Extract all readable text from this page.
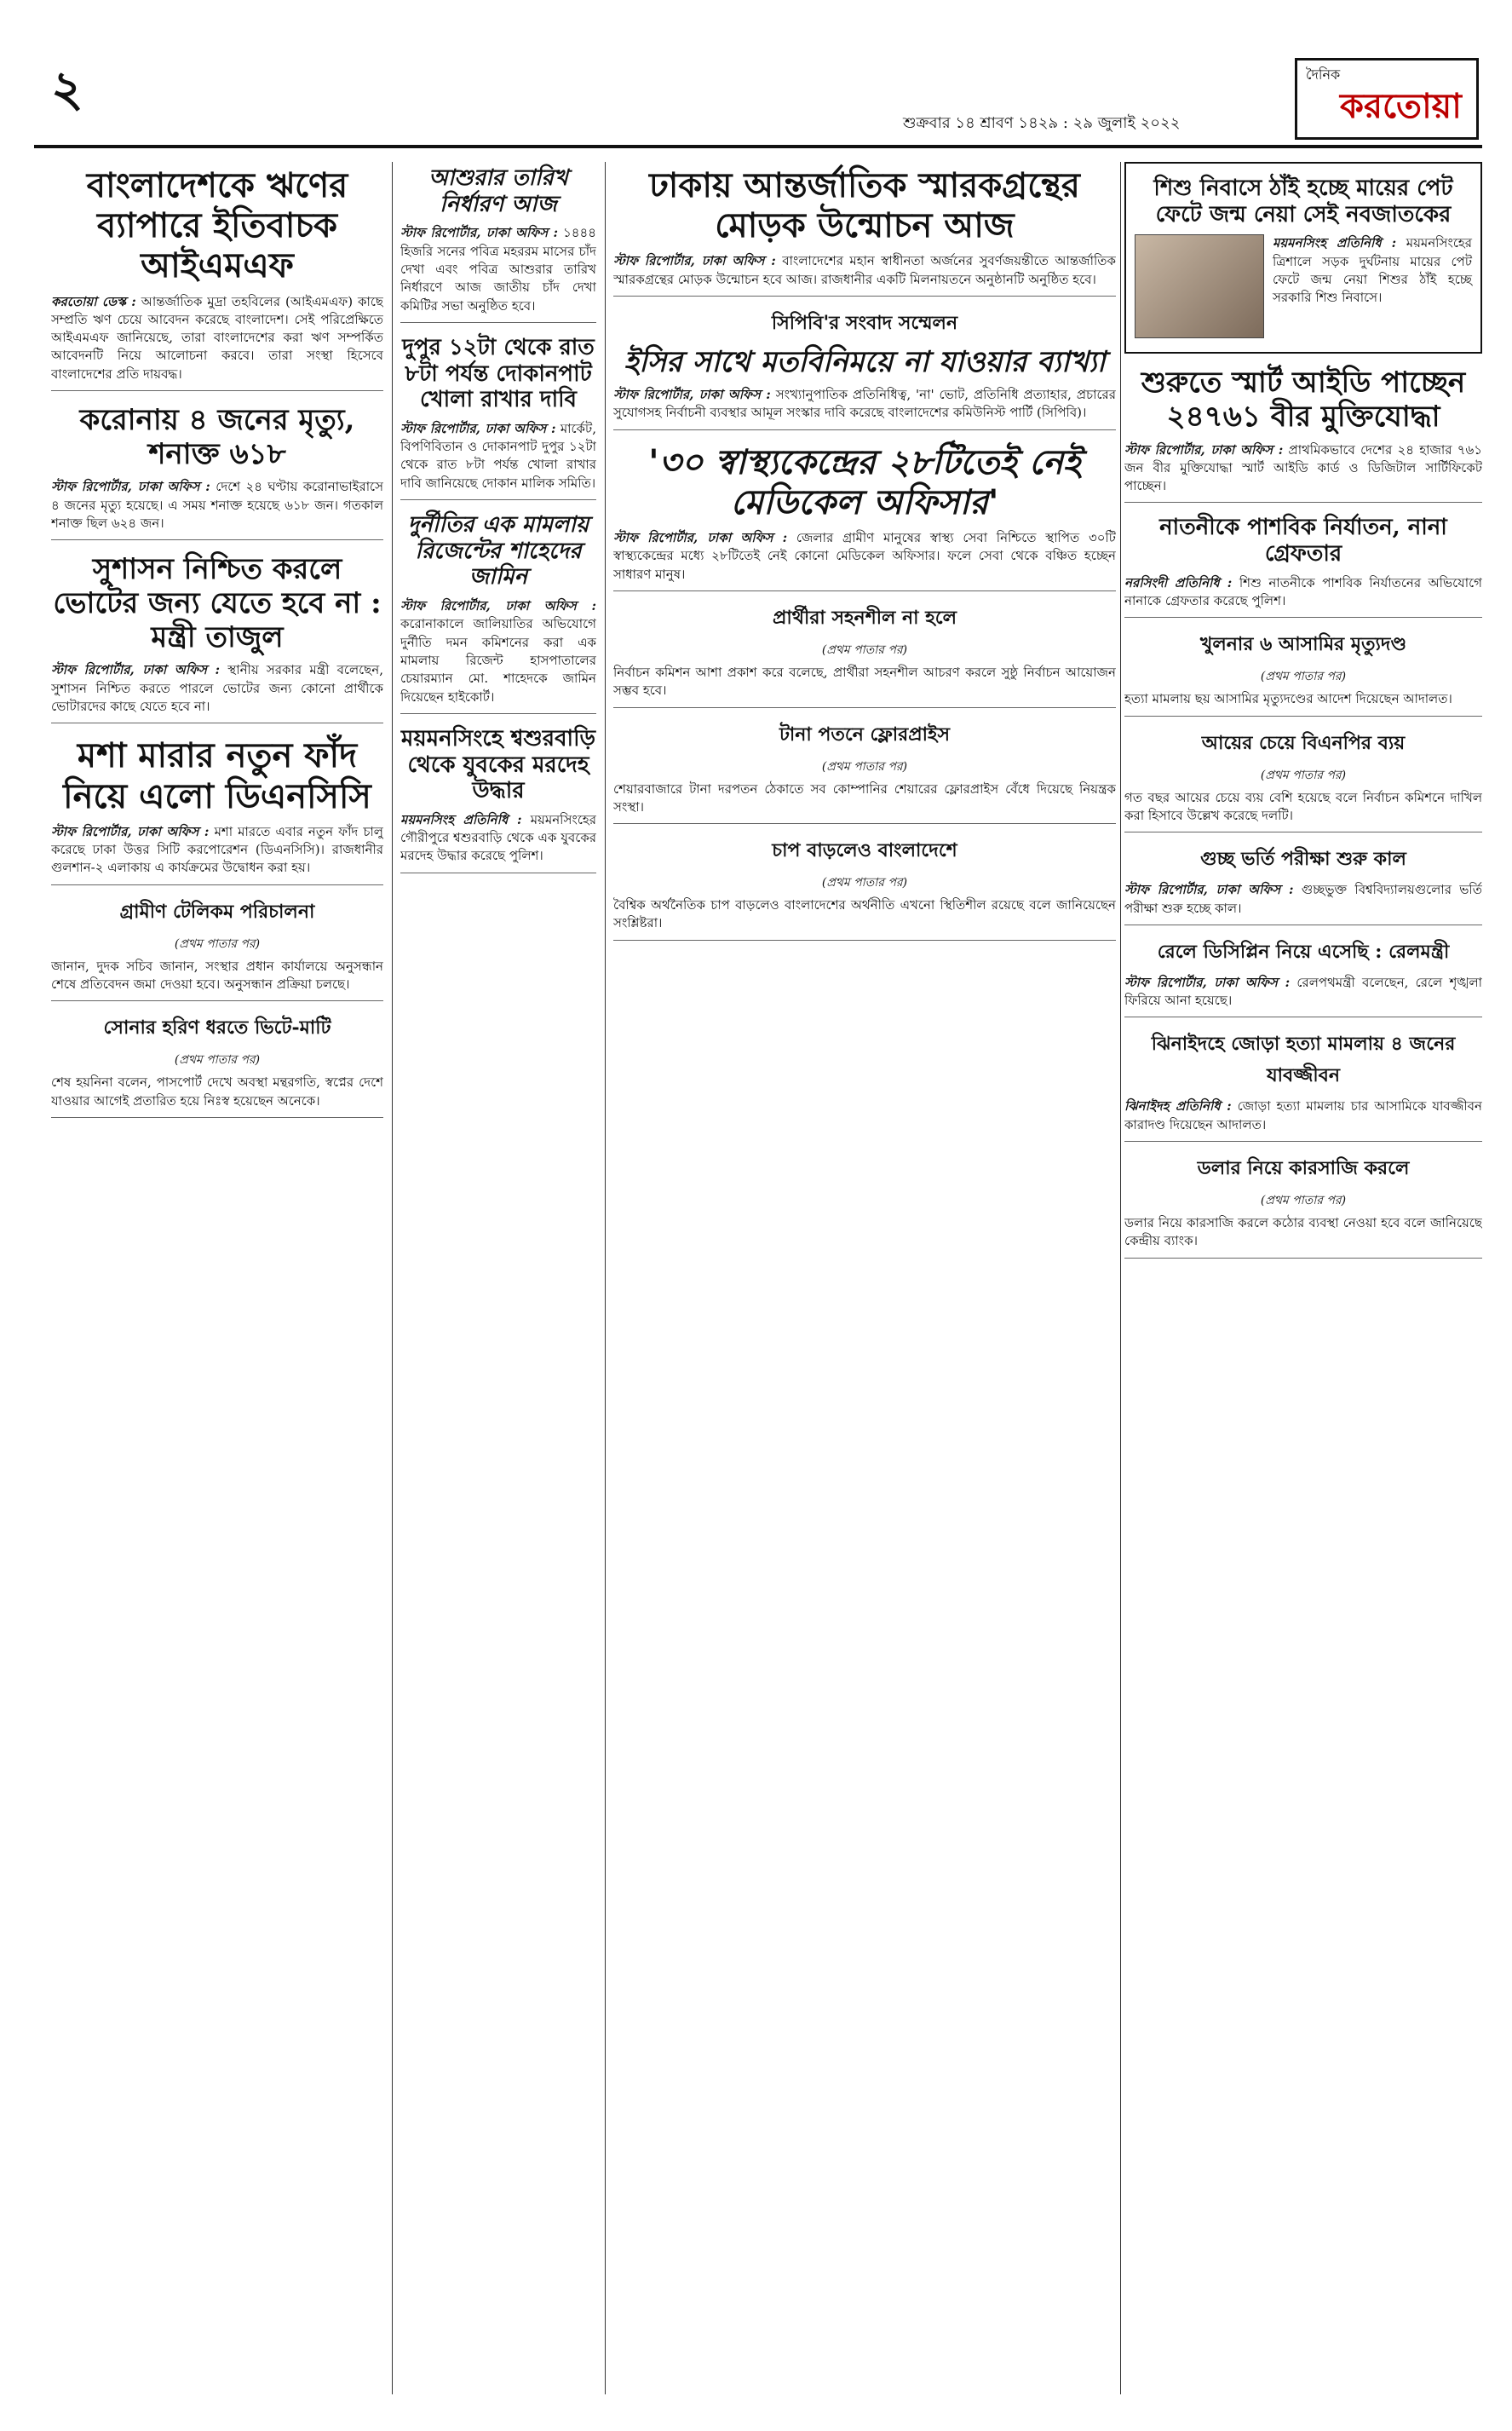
২
শুক্রবার ১৪ শ্রাবণ ১৪২৯ : ২৯ জুলাই ২০২২
দৈনিক
করতোয়া
বাংলাদেশকে ঋণের ব্যাপারে ইতিবাচক আইএমএফ

করতোয়া ডেস্ক : আন্তর্জাতিক মুদ্রা তহবিলের (আইএমএফ) কাছে সম্প্রতি ঋণ চেয়ে আবেদন করেছে বাংলাদেশ। সেই পরিপ্রেক্ষিতে আইএমএফ জানিয়েছে, তারা বাংলাদেশের করা ঋণ সম্পর্কিত আবেদনটি নিয়ে আলোচনা করবে। তারা সংস্থা হিসেবে বাংলাদেশের প্রতি দায়বদ্ধ।

করোনায় ৪ জনের মৃত্যু, শনাক্ত ৬১৮

স্টাফ রিপোর্টার, ঢাকা অফিস : দেশে ২৪ ঘণ্টায় করোনাভাইরাসে ৪ জনের মৃত্যু হয়েছে। এ সময় শনাক্ত হয়েছে ৬১৮ জন। গতকাল শনাক্ত ছিল ৬২৪ জন।

সুশাসন নিশ্চিত করলে ভোটের জন্য যেতে হবে না : মন্ত্রী তাজুল

স্টাফ রিপোর্টার, ঢাকা অফিস : স্থানীয় সরকার মন্ত্রী বলেছেন, সুশাসন নিশ্চিত করতে পারলে ভোটের জন্য কোনো প্রার্থীকে ভোটারদের কাছে যেতে হবে না।

মশা মারার নতুন ফাঁদ নিয়ে এলো ডিএনসিসি

স্টাফ রিপোর্টার, ঢাকা অফিস : মশা মারতে এবার নতুন ফাঁদ চালু করেছে ঢাকা উত্তর সিটি করপোরেশন (ডিএনসিসি)। রাজধানীর গুলশান-২ এলাকায় এ কার্যক্রমের উদ্বোধন করা হয়।

গ্রামীণ টেলিকম পরিচালনা
(প্রথম পাতার পর)

জানান, দুদক সচিব জানান, সংস্থার প্রধান কার্যালয়ে অনুসন্ধান শেষে প্রতিবেদন জমা দেওয়া হবে। অনুসন্ধান প্রক্রিয়া চলছে।

সোনার হরিণ ধরতে ভিটে-মাটি
(প্রথম পাতার পর)

শেষ হয়নিনা বলেন, পাসপোর্ট দেখে অবস্থা মন্থরগতি, স্বপ্নের দেশে যাওয়ার আগেই প্রতারিত হয়ে নিঃস্ব হয়েছেন অনেকে।

আশুরার তারিখ নির্ধারণ আজ

স্টাফ রিপোর্টার, ঢাকা অফিস : ১৪৪৪ হিজরি সনের পবিত্র মহররম মাসের চাঁদ দেখা এবং পবিত্র আশুরার তারিখ নির্ধারণে আজ জাতীয় চাঁদ দেখা কমিটির সভা অনুষ্ঠিত হবে।

দুপুর ১২টা থেকে রাত ৮টা পর্যন্ত দোকানপাট খোলা রাখার দাবি

স্টাফ রিপোর্টার, ঢাকা অফিস : মার্কেট, বিপণিবিতান ও দোকানপাট দুপুর ১২টা থেকে রাত ৮টা পর্যন্ত খোলা রাখার দাবি জানিয়েছে দোকান মালিক সমিতি।

দুর্নীতির এক মামলায় রিজেন্টের শাহেদের জামিন

স্টাফ রিপোর্টার, ঢাকা অফিস : করোনাকালে জালিয়াতির অভিযোগে দুর্নীতি দমন কমিশনের করা এক মামলায় রিজেন্ট হাসপাতালের চেয়ারম্যান মো. শাহেদকে জামিন দিয়েছেন হাইকোর্ট।

ময়মনসিংহে শ্বশুরবাড়ি থেকে যুবকের মরদেহ উদ্ধার

ময়মনসিংহ প্রতিনিধি : ময়মনসিংহের গৌরীপুরে শ্বশুরবাড়ি থেকে এক যুবকের মরদেহ উদ্ধার করেছে পুলিশ।

ঢাকায় আন্তর্জাতিক স্মারকগ্রন্থের মোড়ক উন্মোচন আজ

স্টাফ রিপোর্টার, ঢাকা অফিস : বাংলাদেশের মহান স্বাধীনতা অর্জনের সুবর্ণজয়ন্তীতে আন্তর্জাতিক স্মারকগ্রন্থের মোড়ক উন্মোচন হবে আজ। রাজধানীর একটি মিলনায়তনে অনুষ্ঠানটি অনুষ্ঠিত হবে।

সিপিবি'র সংবাদ সম্মেলন
ইসির সাথে মতবিনিময়ে না যাওয়ার ব্যাখ্যা

স্টাফ রিপোর্টার, ঢাকা অফিস : সংখ্যানুপাতিক প্রতিনিধিত্ব, 'না' ভোট, প্রতিনিধি প্রত্যাহার, প্রচারের সুযোগসহ নির্বাচনী ব্যবস্থার আমূল সংস্কার দাবি করেছে বাংলাদেশের কমিউনিস্ট পার্টি (সিপিবি)।

'৩০ স্বাস্থ্যকেন্দ্রের ২৮টিতেই নেই মেডিকেল অফিসার'

স্টাফ রিপোর্টার, ঢাকা অফিস : জেলার গ্রামীণ মানুষের স্বাস্থ্য সেবা নিশ্চিতে স্থাপিত ৩০টি স্বাস্থ্যকেন্দ্রের মধ্যে ২৮টিতেই নেই কোনো মেডিকেল অফিসার। ফলে সেবা থেকে বঞ্চিত হচ্ছেন সাধারণ মানুষ।

প্রার্থীরা সহনশীল না হলে
(প্রথম পাতার পর)

নির্বাচন কমিশন আশা প্রকাশ করে বলেছে, প্রার্থীরা সহনশীল আচরণ করলে সুষ্ঠু নির্বাচন আয়োজন সম্ভব হবে।

টানা পতনে ফ্লোরপ্রাইস
(প্রথম পাতার পর)

শেয়ারবাজারে টানা দরপতন ঠেকাতে সব কোম্পানির শেয়ারের ফ্লোরপ্রাইস বেঁধে দিয়েছে নিয়ন্ত্রক সংস্থা।

চাপ বাড়লেও বাংলাদেশে
(প্রথম পাতার পর)

বৈশ্বিক অর্থনৈতিক চাপ বাড়লেও বাংলাদেশের অর্থনীতি এখনো স্থিতিশীল রয়েছে বলে জানিয়েছেন সংশ্লিষ্টরা।

শিশু নিবাসে ঠাঁই হচ্ছে মায়ের পেট ফেটে জন্ম নেয়া সেই নবজাতকের

ময়মনসিংহ প্রতিনিধি : ময়মনসিংহের ত্রিশালে সড়ক দুর্ঘটনায় মায়ের পেট ফেটে জন্ম নেয়া শিশুর ঠাঁই হচ্ছে সরকারি শিশু নিবাসে।

শুরুতে স্মার্ট আইডি পাচ্ছেন ২৪৭৬১ বীর মুক্তিযোদ্ধা

স্টাফ রিপোর্টার, ঢাকা অফিস : প্রাথমিকভাবে দেশের ২৪ হাজার ৭৬১ জন বীর মুক্তিযোদ্ধা স্মার্ট আইডি কার্ড ও ডিজিটাল সার্টিফিকেট পাচ্ছেন।

নাতনীকে পাশবিক নির্যাতন, নানা গ্রেফতার

নরসিংদী প্রতিনিধি : শিশু নাতনীকে পাশবিক নির্যাতনের অভিযোগে নানাকে গ্রেফতার করেছে পুলিশ।

খুলনার ৬ আসামির মৃত্যুদণ্ড
(প্রথম পাতার পর)

হত্যা মামলায় ছয় আসামির মৃত্যুদণ্ডের আদেশ দিয়েছেন আদালত।

আয়ের চেয়ে বিএনপির ব্যয়
(প্রথম পাতার পর)

গত বছর আয়ের চেয়ে ব্যয় বেশি হয়েছে বলে নির্বাচন কমিশনে দাখিল করা হিসাবে উল্লেখ করেছে দলটি।

গুচ্ছ ভর্তি পরীক্ষা শুরু কাল

স্টাফ রিপোর্টার, ঢাকা অফিস : গুচ্ছভুক্ত বিশ্ববিদ্যালয়গুলোর ভর্তি পরীক্ষা শুরু হচ্ছে কাল।

রেলে ডিসিপ্লিন নিয়ে এসেছি : রেলমন্ত্রী

স্টাফ রিপোর্টার, ঢাকা অফিস : রেলপথমন্ত্রী বলেছেন, রেলে শৃঙ্খলা ফিরিয়ে আনা হয়েছে।

ঝিনাইদহে জোড়া হত্যা মামলায় ৪ জনের যাবজ্জীবন

ঝিনাইদহ প্রতিনিধি : জোড়া হত্যা মামলায় চার আসামিকে যাবজ্জীবন কারাদণ্ড দিয়েছেন আদালত।

ডলার নিয়ে কারসাজি করলে
(প্রথম পাতার পর)

ডলার নিয়ে কারসাজি করলে কঠোর ব্যবস্থা নেওয়া হবে বলে জানিয়েছে কেন্দ্রীয় ব্যাংক।
